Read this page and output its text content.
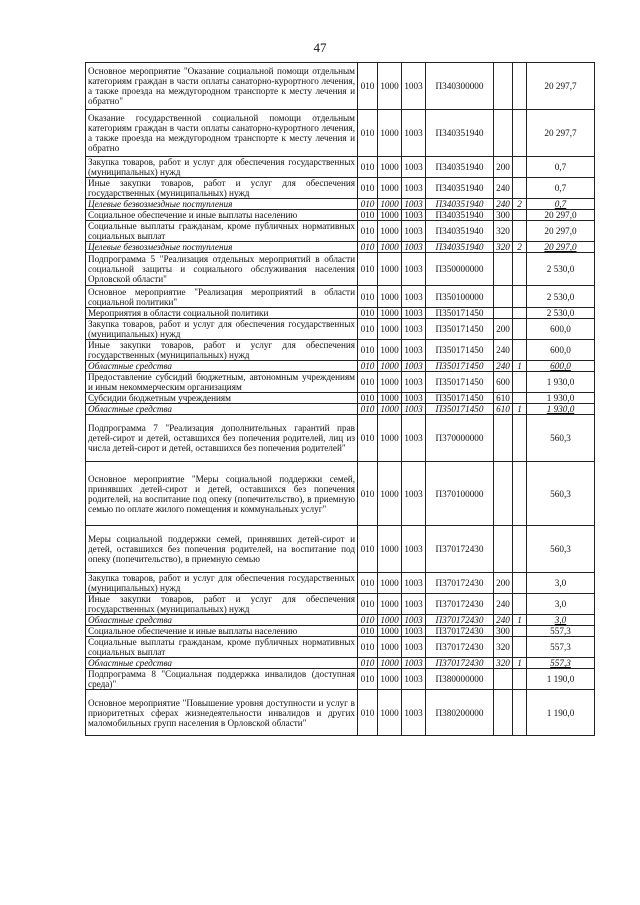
47
Основное мероприятие "Оказание социальной помощи отдельным категориям граждан в части оплаты санаторно-курортного лечения, а также проезда на междугородном транспорте к месту лечения и обратно"	010	1000	1003	П340300000			20 297,7
Оказание государственной социальной помощи отдельным категориям граждан в части оплаты санаторно-курортного лечения, а также проезда на междугородном транспорте к месту лечения и обратно	010	1000	1003	П340351940			20 297,7
Закупка товаров, работ и услуг для обеспечения государственных (муниципальных) нужд	010	1000	1003	П340351940	200		0,7
Иные закупки товаров, работ и услуг для обеспечения государственных (муниципальных) нужд	010	1000	1003	П340351940	240		0,7
Целевые безвозмездные поступления	010	1000	1003	П340351940	240	2	0,7
Социальное обеспечение и иные выплаты населению	010	1000	1003	П340351940	300		20 297,0
Социальные выплаты гражданам, кроме публичных нормативных социальных выплат	010	1000	1003	П340351940	320		20 297,0
Целевые безвозмездные поступления	010	1000	1003	П340351940	320	2	20 297,0
Подпрограмма 5 "Реализация отдельных мероприятий в области социальной защиты и социального обслуживания населения Орловской области"	010	1000	1003	П350000000			2 530,0
Основное мероприятие "Реализация мероприятий в области социальной политики"	010	1000	1003	П350100000			2 530,0
Мероприятия в области социальной политики	010	1000	1003	П350171450			2 530,0
Закупка товаров, работ и услуг для обеспечения государственных (муниципальных) нужд	010	1000	1003	П350171450	200		600,0
Иные закупки товаров, работ и услуг для обеспечения государственных (муниципальных) нужд	010	1000	1003	П350171450	240		600,0
Областные средства	010	1000	1003	П350171450	240	1	600,0
Предоставление субсидий бюджетным, автономным учреждениям и иным некоммерческим организациям	010	1000	1003	П350171450	600		1 930,0
Субсидии бюджетным учреждениям	010	1000	1003	П350171450	610		1 930,0
Областные средства	010	1000	1003	П350171450	610	1	1 930,0
Подпрограмма 7 "Реализация дополнительных гарантий прав детей-сирот и детей, оставшихся без попечения родителей, лиц из числа детей-сирот и детей, оставшихся без попечения родителей"	010	1000	1003	П370000000			560,3
Основное мероприятие "Меры социальной поддержки семей, принявших детей-сирот и детей, оставшихся без попечения родителей, на воспитание под опеку (попечительство), в приемную семью по оплате жилого помещения и коммунальных услуг"	010	1000	1003	П370100000			560,3
Меры социальной поддержки семей, принявших детей-сирот и детей, оставшихся без попечения родителей, на воспитание под опеку (попечительство), в приемную семью	010	1000	1003	П370172430			560,3
Закупка товаров, работ и услуг для обеспечения государственных (муниципальных) нужд	010	1000	1003	П370172430	200		3,0
Иные закупки товаров, работ и услуг для обеспечения государственных (муниципальных) нужд	010	1000	1003	П370172430	240		3,0
Областные средства	010	1000	1003	П370172430	240	1	3,0
Социальное обеспечение и иные выплаты населению	010	1000	1003	П370172430	300		557,3
Социальные выплаты гражданам, кроме публичных нормативных социальных выплат	010	1000	1003	П370172430	320		557,3
Областные средства	010	1000	1003	П370172430	320	1	557,3
Подпрограмма 8 "Социальная поддержка инвалидов (доступная среда)"	010	1000	1003	П380000000			1 190,0
Основное мероприятие "Повышение уровня доступности и услуг в приоритетных сферах жизнедеятельности инвалидов и других маломобильных групп населения в Орловской области"	010	1000	1003	П380200000			1 190,0
